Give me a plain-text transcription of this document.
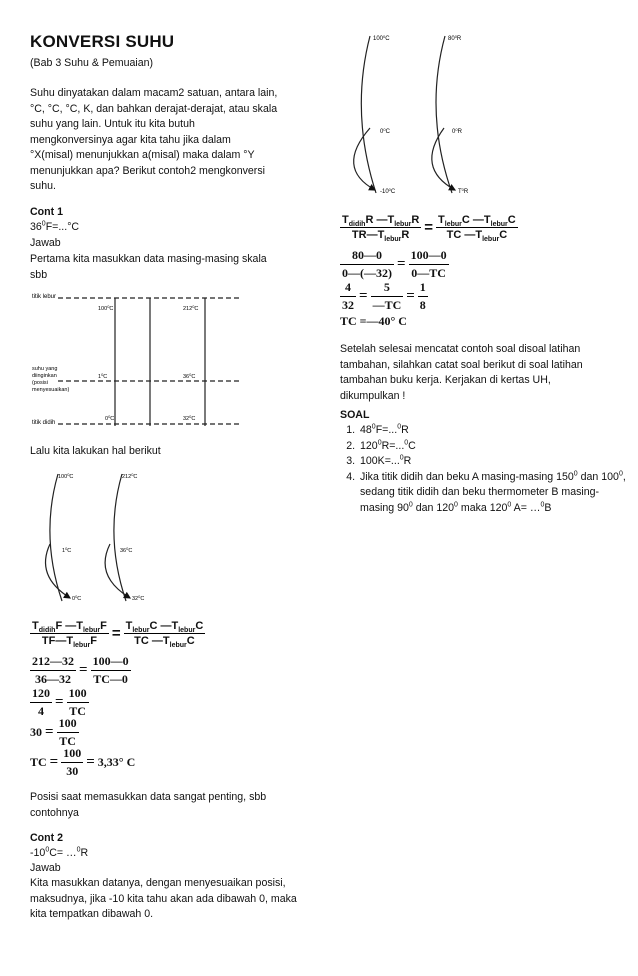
KONVERSI SUHU
(Bab 3 Suhu & Pemuaian)
Suhu dinyatakan dalam macam2 satuan, antara lain,
°C, °C, °C, K, dan bahkan derajat-derajat, atau skala
suhu yang lain. Untuk itu kita butuh
mengkonversinya agar kita tahu jika dalam
°X(misal) menunjukkan a(misal) maka dalam °Y
menunjukkan apa? Berikut contoh2 mengkonversi
suhu.
Cont 1
$36^0F=...^\circ C$
Jawab
Pertama kita masukkan data masing-masing skala
sbb
titik lebur
suhu yang
diinginkan
(posisi
menyesuaikan)
titik didih
$100^0C$
$1^0C$
$0^0C$
$212^0C$
$36^0C$
$32^0C$
Lalu kita lakukan hal berikut
$100^0C$
$1^0C$
$0^0C$
$212^0C$
$36^0C$
$32^0C$
$\frac{T_{didih}F —T_{lebur}F}{TF—T_{lebur}F} = \frac{T_{lebur}C —T_{lebur}C}{TC —T_{lebur}C}$
$\frac{212—32}{36—32} = \frac{100—0}{TC—0}$
$\frac{120}{4} = \frac{100}{TC}$
$30 = \frac{100}{TC}$
TC = $\frac{100}{30} = 3,33^\circ$ C
Posisi saat memasukkan data sangat penting, sbb
contohnya
Cont 2
$-10^0C=$ …$^0$R
Jawab
Kita masukkan datanya, dengan menyesuaikan posisi,
maksudnya, jika -10 kita tahu akan ada dibawah 0, maka
kita tempatkan dibawah 0.
$100^0C$
$0^0C$
$-10^0C$
$80^0R$
$0^0R$
$T^0R$
$\frac{T_{didih}R —T_{lebur}R}{TR—T_{lebur}R} = \frac{T_{lebur}C —T_{lebur}C}{TC —T_{lebur}C}$
$\frac{80—0}{0—(—32)} = \frac{100—0}{0—TC}$
$\frac{4}{32} = \frac{5}{—TC} = \frac{1}{8}$
TC =—40° C
Setelah selesai mencatat contoh soal disoal latihan
tambahan, silahkan catat soal berikut di soal latihan
tambahan buku kerja. Kerjakan di kertas UH,
dikumpulkan !
SOAL
1. $48^0F=...^0R$
2. $120^0R=...^0C$
3. 100K=...$^0$R
4. Jika titik didih dan beku A masing-masing $150^0$ dan $100^0$, sedang titik didih dan beku thermometer B masing-masing $90^0$ dan $120^0$ maka $120^0$ A= …$^0$B
